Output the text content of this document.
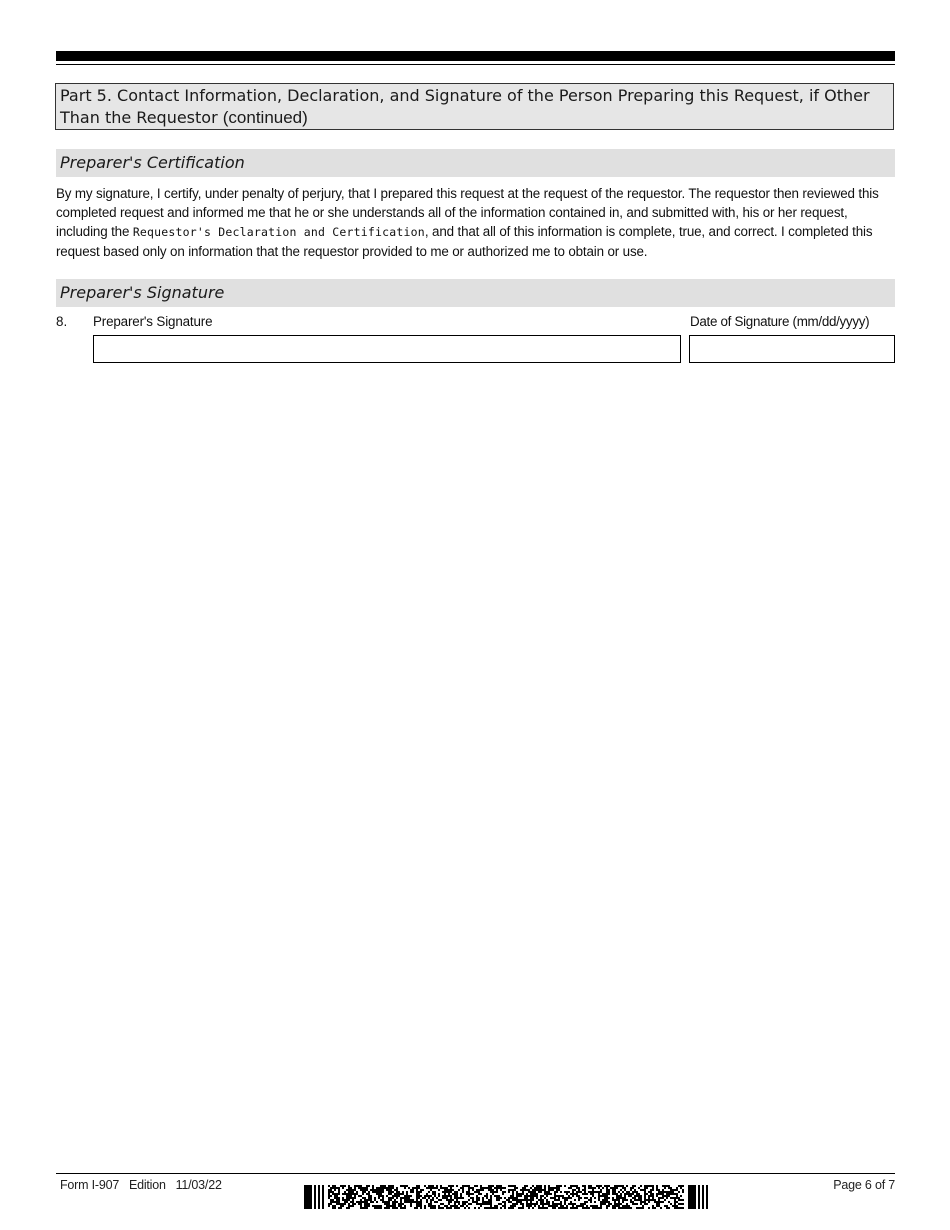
Part 5. Contact Information, Declaration, and Signature of the Person Preparing this Request, if Other Than the Requestor (continued)
Preparer's Certification
By my signature, I certify, under penalty of perjury, that I prepared this request at the request of the requestor. The requestor then reviewed this completed request and informed me that he or she understands all of the information contained in, and submitted with, his or her request, including the Requestor's Declaration and Certification, and that all of this information is complete, true, and correct. I completed this request based only on information that the requestor provided to me or authorized me to obtain or use.
Preparer's Signature
8. Preparer's Signature	Date of Signature (mm/dd/yyyy)
Form I-907   Edition   11/03/22	Page 6 of 7
